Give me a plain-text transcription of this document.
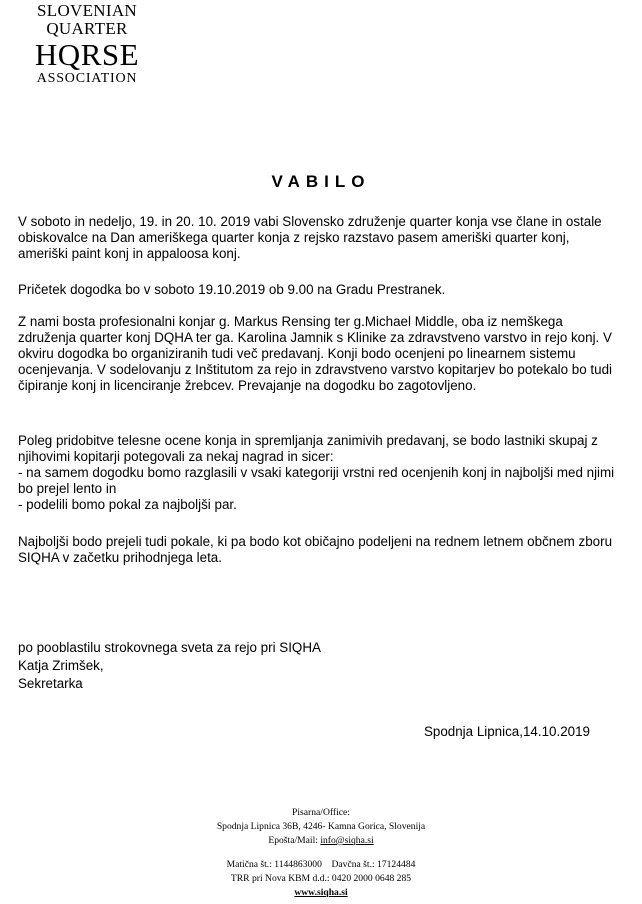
SLOVENIAN
QUARTER
HQRSE
ASSOCIATION
VABILO

V soboto in nedeljo, 19. in 20. 10. 2019 vabi Slovensko združenje quarter konja vse člane in ostale obiskovalce na Dan ameriškega quarter konja z rejsko razstavo pasem ameriški quarter konj, ameriški paint konj in appaloosa konj.

Pričetek dogodka bo v soboto 19.10.2019 ob 9.00 na Gradu Prestranek.

Z nami bosta profesionalni konjar g. Markus Rensing ter g.Michael Middle, oba iz nemškega združenja quarter konj DQHA ter ga. Karolina Jamnik s Klinike za zdravstveno varstvo in rejo konj. V okviru dogodka bo organiziranih tudi več predavanj. Konji bodo ocenjeni po linearnem sistemu ocenjevanja. V sodelovanju z Inštitutom za rejo in zdravstveno varstvo kopitarjev bo potekalo bo tudi čipiranje konj in licenciranje žrebcev. Prevajanje na dogodku bo zagotovljeno.

Poleg pridobitve telesne ocene konja in spremljanja zanimivih predavanj, se bodo lastniki skupaj z njihovimi kopitarji potegovali za nekaj nagrad in sicer:

- na samem dogodku bomo razglasili v vsaki kategoriji vrstni red ocenjenih konj in najboljši med njimi bo prejel lento in

- podelili bomo pokal za najboljši par.

Najboljši bodo prejeli tudi pokale, ki pa bodo kot običajno podeljeni na rednem letnem občnem zboru SIQHA v začetku prihodnjega leta.

po pooblastilu strokovnega sveta za rejo pri SIQHA
Katja Zrimšek,
Sekretarka
Spodnja Lipnica,14.10.2019
Pisarna/Office:
Spodnja Lipnica 36B, 4246- Kamna Gorica, Slovenija
Epošta/Mail: info@siqha.si
Matična št.: 1144863000 Davčna št.: 17124484
TRR pri Nova KBM d.d.: 0420 2000 0648 285
www.siqha.si
